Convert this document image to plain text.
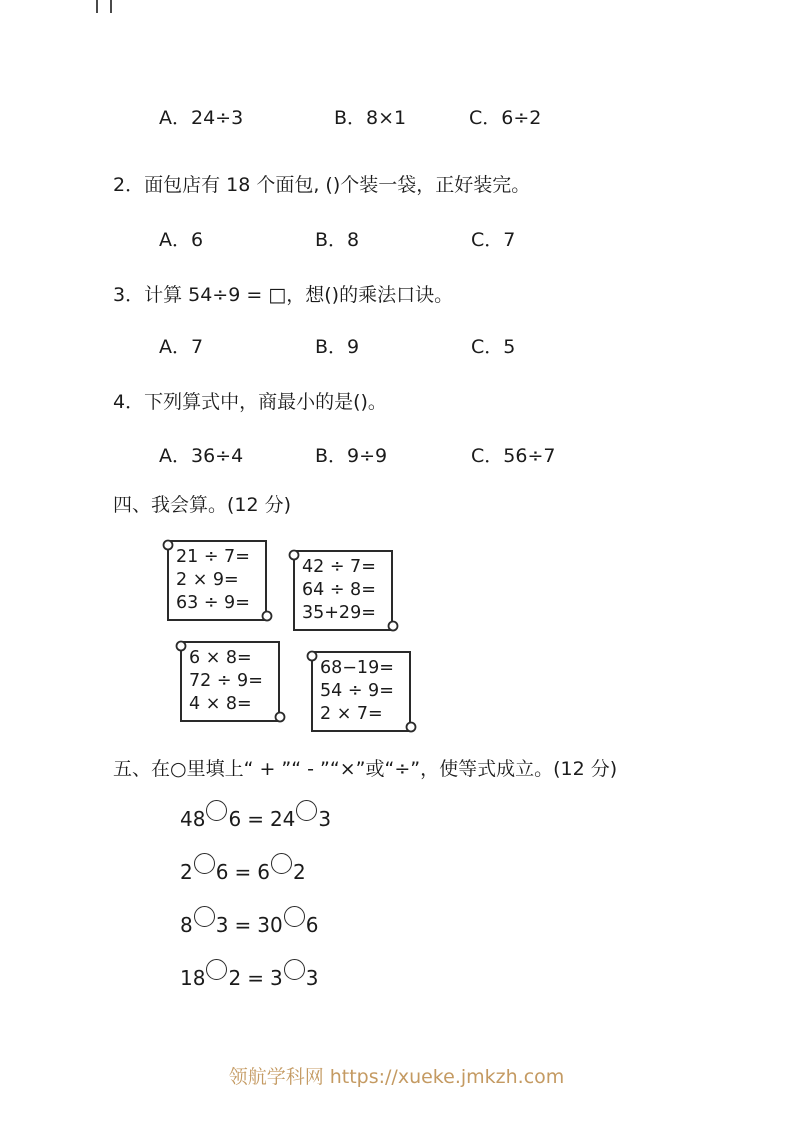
A．24÷3	B．8×1	C．6÷2
2．面包店有 18 个面包, ()个装一袋，正好装完。
A．6	B．8	C．7
3．计算 54÷9 = □，想()的乘法口诀。
A．7	B．9	C．5
4．下列算式中，商最小的是()。
A．36÷4	B．9÷9	C．56÷7
四、我会算。(12 分)
21 ÷ 7=
2 × 9=
63 ÷ 9=
42 ÷ 7=
64 ÷ 8=
35+29=
6 × 8=
72 ÷ 9=
4 × 8=
68−19=
54 ÷ 9=
2 × 7=
五、在○里填上“ + ”“ - ”“×”或“÷”，使等式成立。(12 分)
48 6 = 24 3
2 6 = 6 2
8 3 = 30 6
18 2 = 3 3
领航学科网 https://xueke.jmkzh.com
